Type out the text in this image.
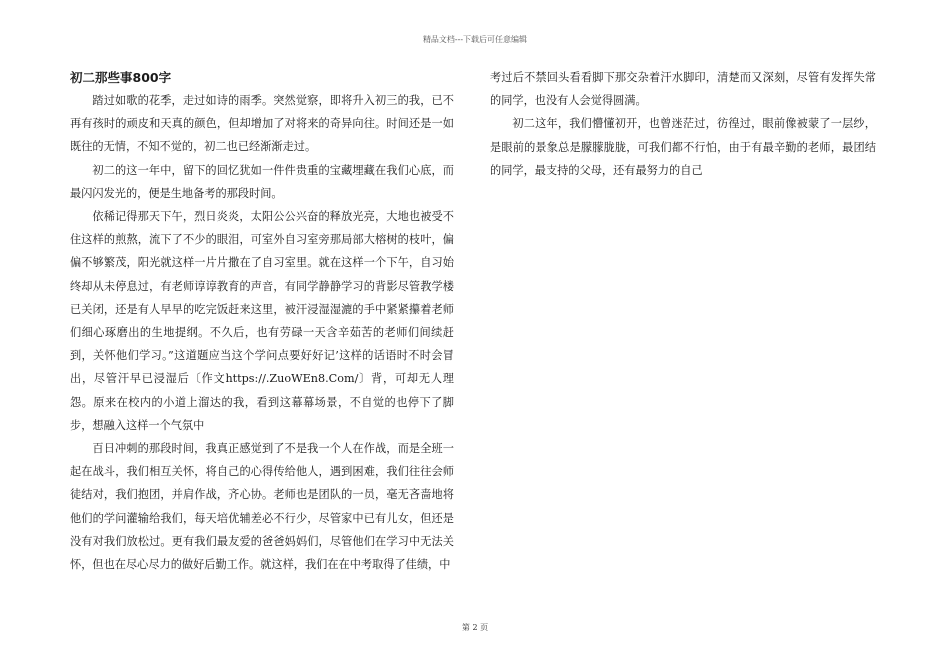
精品文档---下载后可任意编辑
初二那些事800字

踏过如歌的花季，走过如诗的雨季。突然觉察，即将升入初三的我，已不再有孩时的顽皮和天真的颜色，但却增加了对将来的奇异向往。时间还是一如既往的无情，不知不觉的，初二也已经渐渐走过。

初二的这一年中，留下的回忆犹如一件件贵重的宝藏埋藏在我们心底，而最闪闪发光的，便是生地备考的那段时间。

依稀记得那天下午，烈日炎炎，太阳公公兴奋的释放光亮，大地也被受不住这样的煎熬，流下了不少的眼泪，可室外自习室旁那局部大榕树的枝叶，偏偏不够繁茂，阳光就这样一片片撒在了自习室里。就在这样一个下午，自习始终却从未停息过，有老师谆谆教育的声音，有同学静静学习的背影尽管教学楼已关闭，还是有人早早的吃完饭赶来这里，被汗浸湿湿漉的手中紧紧攥着老师们细心琢磨出的生地提纲。不久后，也有劳碌一天含辛茹苦的老师们间续赶到，关怀他们学习。”这道题应当这个学问点要好好记’这样的话语时不时会冒出，尽管汗早已浸湿后〔作文https://.ZuoWEn8.Com/〕背，可却无人理怨。原来在校内的小道上溜达的我，看到这幕幕场景，不自觉的也停下了脚步，想融入这样一个气氛中

百日冲刺的那段时间，我真正感觉到了不是我一个人在作战，而是全班一起在战斗，我们相互关怀，将自己的心得传给他人，遇到困难，我们往往会师徒结对，我们抱团，并肩作战，齐心协。老师也是团队的一员，毫无吝啬地将他们的学问灌输给我们，每天培优辅差必不行少，尽管家中已有儿女，但还是没有对我们放松过。更有我们最友爱的爸爸妈妈们，尽管他们在学习中无法关怀，但也在尽心尽力的做好后勤工作。就这样，我们在在中考取得了佳绩，中

考过后不禁回头看看脚下那交杂着汗水脚印，清楚而又深刻，尽管有发挥失常的同学，也没有人会觉得圆满。

初二这年，我们懵懂初开，也曾迷茫过，彷徨过，眼前像被蒙了一层纱，是眼前的景象总是朦朦胧胧，可我们都不行怕，由于有最辛勤的老师，最团结的同学，最支持的父母，还有最努力的自己

第 2 页
